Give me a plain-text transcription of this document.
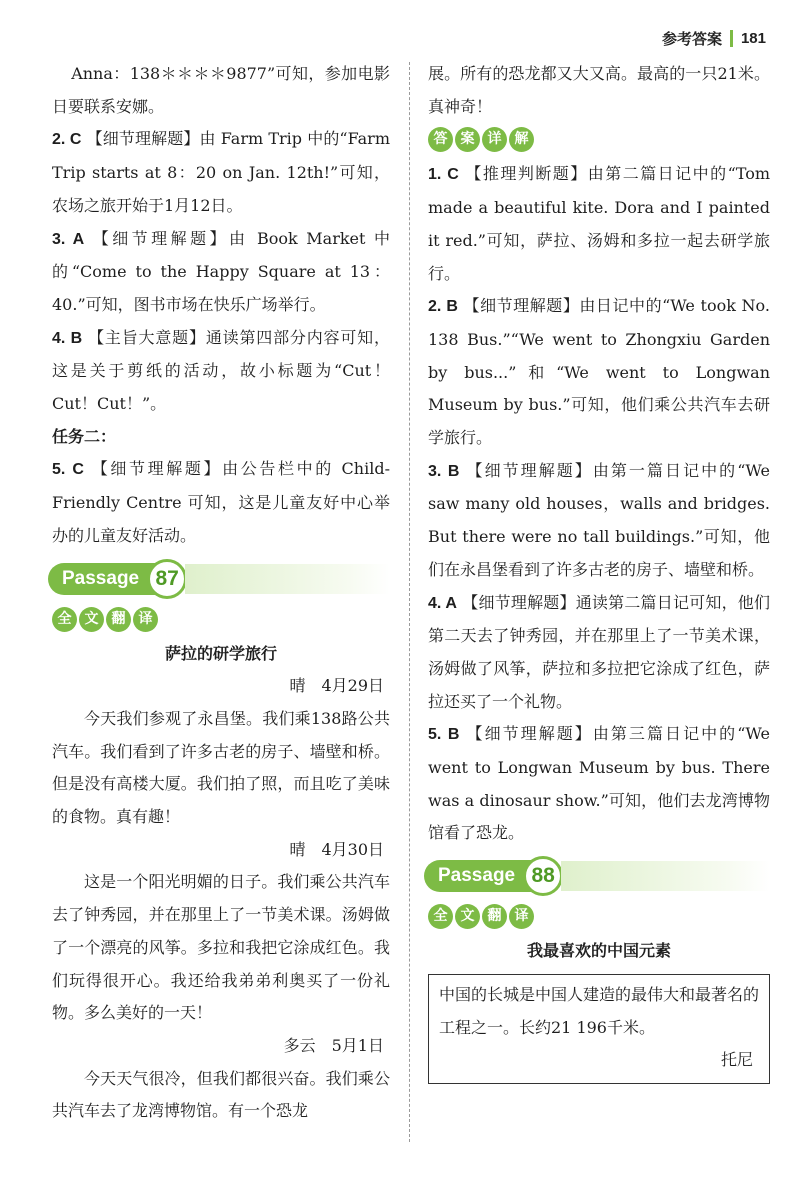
参考答案 181

Anna：138＊＊＊＊9877”可知，参加电影日要联系安娜。

2. C 【细节理解题】由 Farm Trip 中的“Farm Trip starts at 8：20 on Jan. 12th!”可知，农场之旅开始于1月12日。

3. A 【细节理解题】由 Book Market 中的“Come to the Happy Square at 13：40.”可知，图书市场在快乐广场举行。

4. B 【主旨大意题】通读第四部分内容可知，这是关于剪纸的活动，故小标题为“Cut！Cut！Cut！”。

任务二：

5. C 【细节理解题】由公告栏中的 Child-Friendly Centre 可知，这是儿童友好中心举办的儿童友好活动。

Passage 87
全 文 翻 译

萨拉的研学旅行

晴　4月29日

今天我们参观了永昌堡。我们乘138路公共汽车。我们看到了许多古老的房子、墙壁和桥。但是没有高楼大厦。我们拍了照，而且吃了美味的食物。真有趣！

晴　4月30日

这是一个阳光明媚的日子。我们乘公共汽车去了钟秀园，并在那里上了一节美术课。汤姆做了一个漂亮的风筝。多拉和我把它涂成红色。我们玩得很开心。我还给我弟弟利奥买了一份礼物。多么美好的一天！

多云　5月1日

今天天气很冷，但我们都很兴奋。我们乘公共汽车去了龙湾博物馆。有一个恐龙

展。所有的恐龙都又大又高。最高的一只21米。真神奇！

答 案 详 解

1. C 【推理判断题】由第二篇日记中的“Tom made a beautiful kite. Dora and I painted it red.”可知，萨拉、汤姆和多拉一起去研学旅行。

2. B 【细节理解题】由日记中的“We took No. 138 Bus.”“We went to Zhongxiu Garden by bus...”和“We went to Longwan Museum by bus.”可知，他们乘公共汽车去研学旅行。

3. B 【细节理解题】由第一篇日记中的“We saw many old houses，walls and bridges. But there were no tall buildings.”可知，他们在永昌堡看到了许多古老的房子、墙壁和桥。

4. A 【细节理解题】通读第二篇日记可知，他们第二天去了钟秀园，并在那里上了一节美术课，汤姆做了风筝，萨拉和多拉把它涂成了红色，萨拉还买了一个礼物。

5. B 【细节理解题】由第三篇日记中的“We went to Longwan Museum by bus. There was a dinosaur show.”可知，他们去龙湾博物馆看了恐龙。

Passage 88
全 文 翻 译

我最喜欢的中国元素

中国的长城是中国人建造的最伟大和最著名的工程之一。长约21 196千米。

托尼
